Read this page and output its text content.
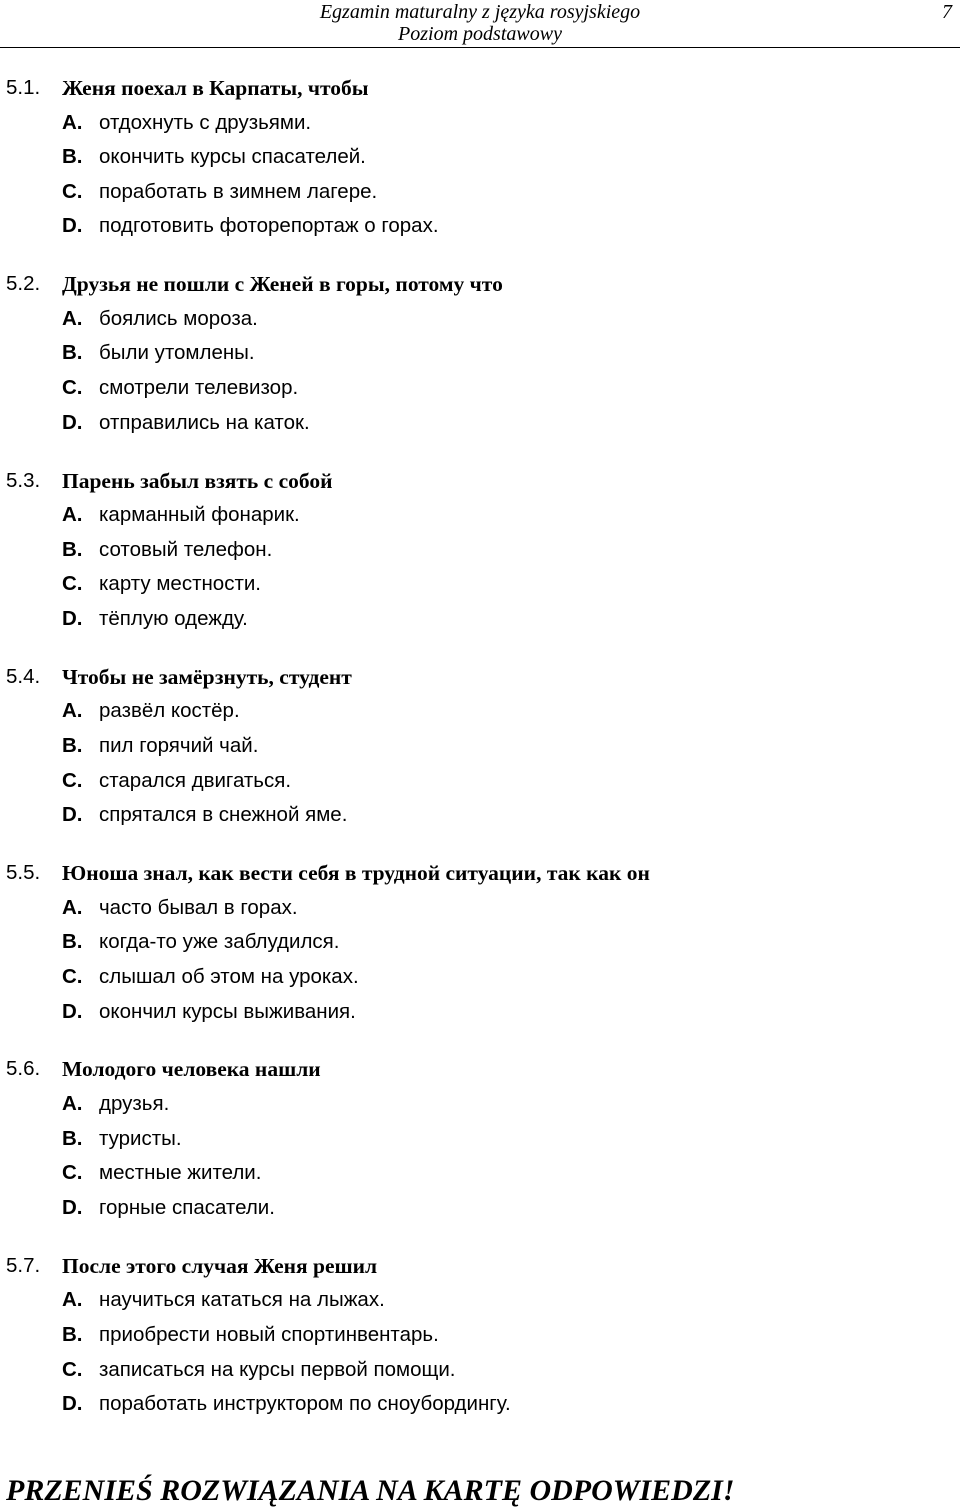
Egzamin maturalny z języka rosyjskiego
Poziom podstawowy
7
5.1. Женя поехал в Карпаты, чтобы
A. отдохнуть с друзьями.
B. окончить курсы спасателей.
C. поработать в зимнем лагере.
D. подготовить фоторепортаж о горах.
5.2. Друзья не пошли с Женей в горы, потому что
A. боялись мороза.
B. были утомлены.
C. смотрели телевизор.
D. отправились на каток.
5.3. Парень забыл взять с собой
A. карманный фонарик.
B. сотовый телефон.
C. карту местности.
D. тёплую одежду.
5.4. Чтобы не замёрзнуть, студент
A. развёл костёр.
B. пил горячий чай.
C. старался двигаться.
D. спрятался в снежной яме.
5.5. Юноша знал, как вести себя в трудной ситуации, так как он
A. часто бывал в горах.
B. когда-то уже заблудился.
C. слышал об этом на уроках.
D. окончил курсы выживания.
5.6. Молодого человека нашли
A. друзья.
B. туристы.
C. местные жители.
D. горные спасатели.
5.7. После этого случая Женя решил
A. научиться кататься на лыжах.
B. приобрести новый спортинвентарь.
C. записаться на курсы первой помощи.
D. поработать инструктором по сноубордингу.
PRZENIEŚ ROZWIĄZANIA NA KARTĘ ODPOWIEDZI!
